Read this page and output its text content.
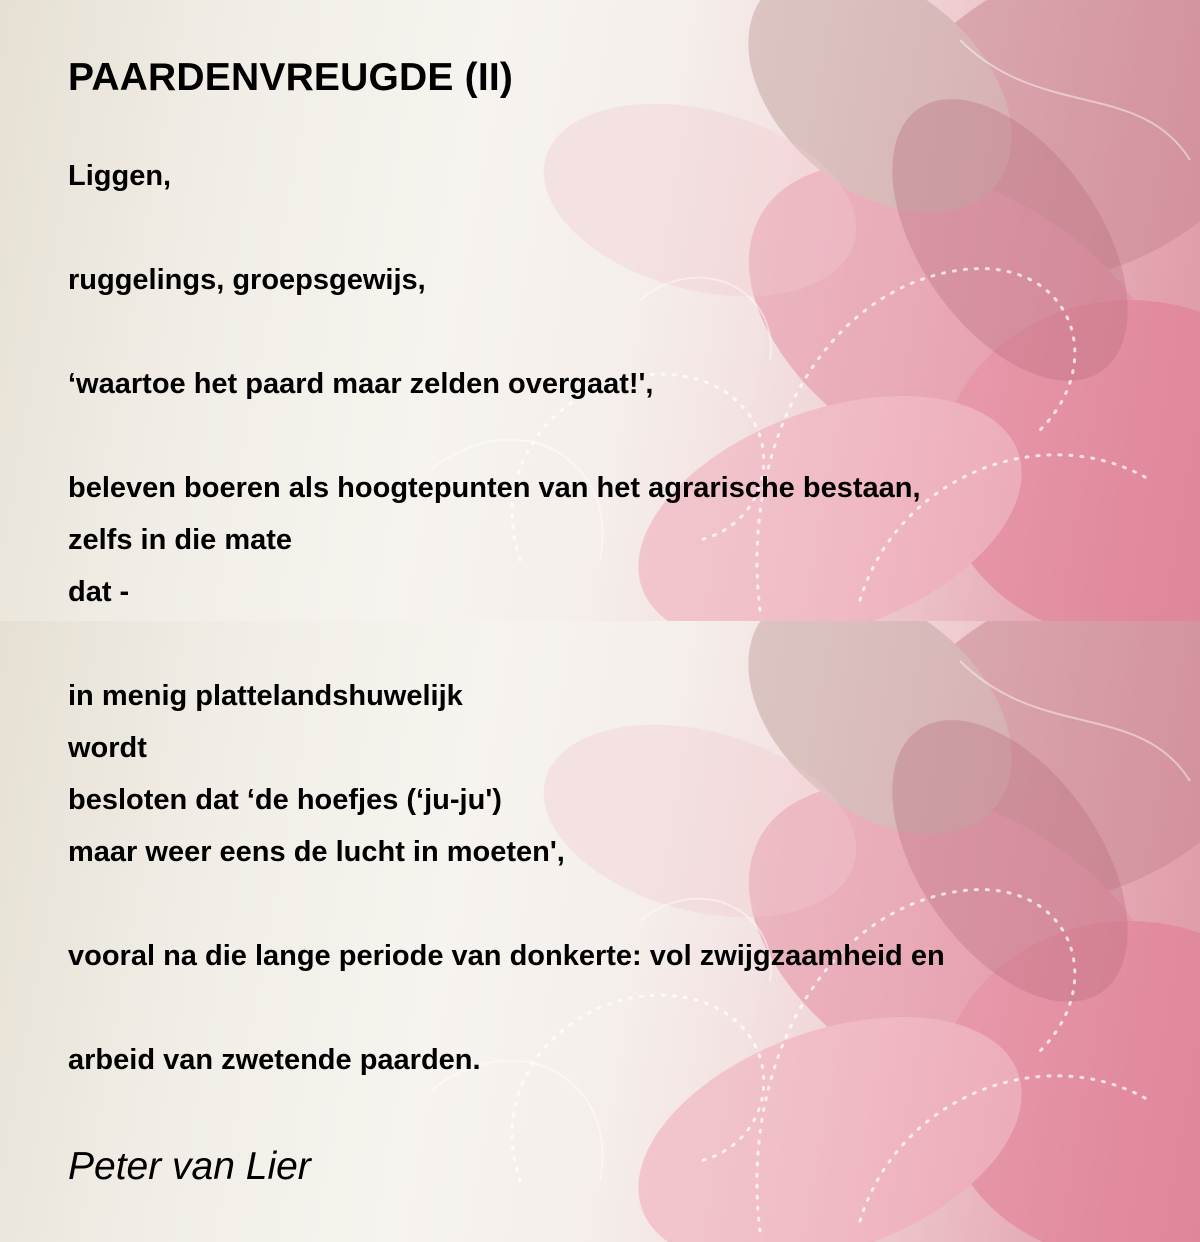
PAARDENVREUGDE (II)
Liggen,
ruggelings, groepsgewijs,
‘waartoe het paard maar zelden overgaat!',
beleven boeren als hoogtepunten van het agrarische bestaan,
zelfs in die mate
dat -
in menig plattelandshuwelijk
wordt
besloten dat ‘de hoefjes (‘ju-ju')
maar weer eens de lucht in moeten',
vooral na die lange periode van donkerte: vol zwijgzaamheid en
arbeid van zwetende paarden.
Peter van Lier
